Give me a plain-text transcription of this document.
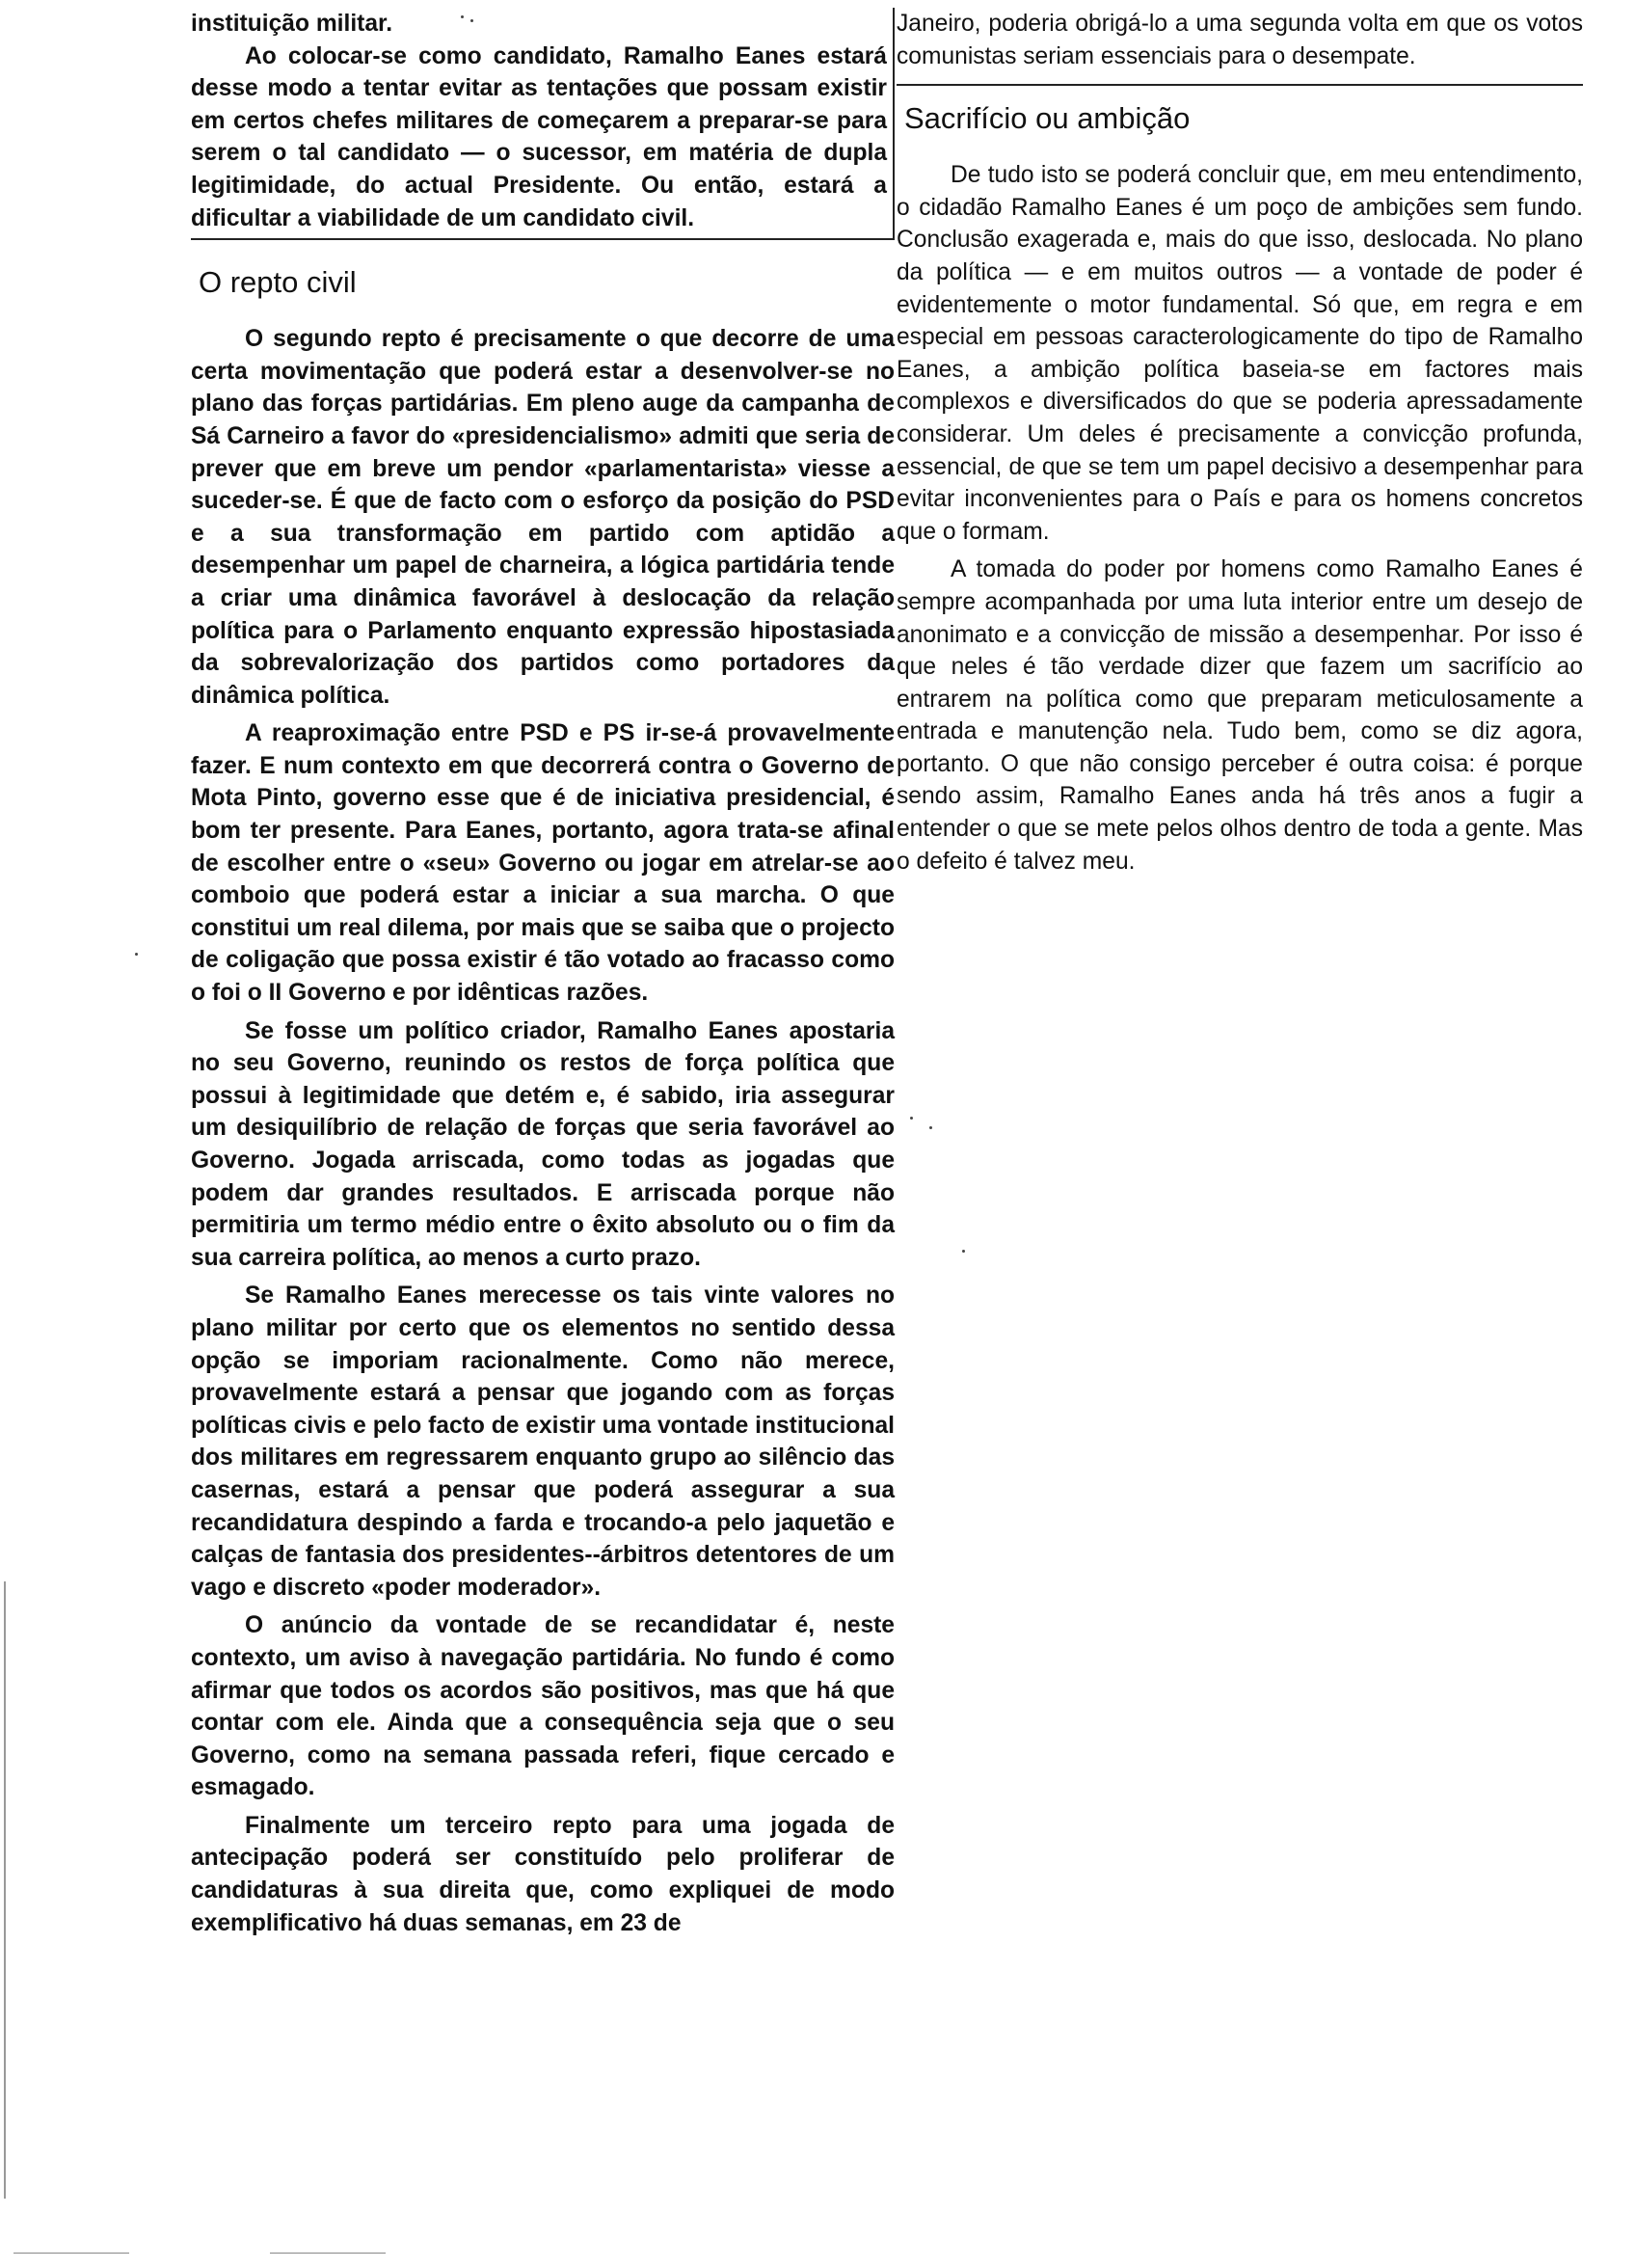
instituição militar.

Ao colocar-se como candidato, Ramalho Eanes estará desse modo a tentar evitar as tentações que possam existir em certos chefes militares de começarem a preparar-se para serem o tal candidato — o sucessor, em matéria de dupla legitimidade, do actual Presidente. Ou então, estará a dificultar a viabilidade de um candidato civil.

O repto civil

O segundo repto é precisamente o que decorre de uma certa movimentação que poderá estar a desenvolver-se no plano das forças partidárias. Em pleno auge da campanha de Sá Carneiro a favor do «presidencialismo» admiti que seria de prever que em breve um pendor «parlamentarista» viesse a suceder-se. É que de facto com o esforço da posição do PSD e a sua transformação em partido com aptidão a desempenhar um papel de charneira, a lógica partidária tende a criar uma dinâmica favorável à deslocação da relação política para o Parlamento enquanto expressão hipostasiada da sobrevalorização dos partidos como portadores da dinâmica política.

A reaproximação entre PSD e PS ir-se-á provavelmente fazer. E num contexto em que decorrerá contra o Governo de Mota Pinto, governo esse que é de iniciativa presidencial, é bom ter presente. Para Eanes, portanto, agora trata-se afinal de escolher entre o «seu» Governo ou jogar em atrelar-se ao comboio que poderá estar a iniciar a sua marcha. O que constitui um real dilema, por mais que se saiba que o projecto de coligação que possa existir é tão votado ao fracasso como o foi o II Governo e por idênticas razões.

Se fosse um político criador, Ramalho Eanes apostaria no seu Governo, reunindo os restos de força política que possui à legitimidade que detém e, é sabido, iria assegurar um desiquilíbrio de relação de forças que seria favorável ao Governo. Jogada arriscada, como todas as jogadas que podem dar grandes resultados. E arriscada porque não permitiria um termo médio entre o êxito absoluto ou o fim da sua carreira política, ao menos a curto prazo.

Se Ramalho Eanes merecesse os tais vinte valores no plano militar por certo que os elementos no sentido dessa opção se imporiam racionalmente. Como não merece, provavelmente estará a pensar que jogando com as forças políticas civis e pelo facto de existir uma vontade institucional dos militares em regressarem enquanto grupo ao silêncio das casernas, estará a pensar que poderá assegurar a sua recandidatura despindo a farda e trocando-a pelo jaquetão e calças de fantasia dos presidentes--árbitros detentores de um vago e discreto «poder moderador».

O anúncio da vontade de se recandidatar é, neste contexto, um aviso à navegação partidária. No fundo é como afirmar que todos os acordos são positivos, mas que há que contar com ele. Ainda que a consequência seja que o seu Governo, como na semana passada referi, fique cercado e esmagado.

Finalmente um terceiro repto para uma jogada de antecipação poderá ser constituído pelo proliferar de candidaturas à sua direita que, como expliquei de modo exemplificativo há duas semanas, em 23 de

Janeiro, poderia obrigá-lo a uma segunda volta em que os votos comunistas seriam essenciais para o desempate.

Sacrifício ou ambição

De tudo isto se poderá concluir que, em meu entendimento, o cidadão Ramalho Eanes é um poço de ambições sem fundo. Conclusão exagerada e, mais do que isso, deslocada. No plano da política — e em muitos outros — a vontade de poder é evidentemente o motor fundamental. Só que, em regra e em especial em pessoas caracterologicamente do tipo de Ramalho Eanes, a ambição política baseia-se em factores mais complexos e diversificados do que se poderia apressadamente considerar. Um deles é precisamente a convicção profunda, essencial, de que se tem um papel decisivo a desempenhar para evitar inconvenientes para o País e para os homens concretos que o formam.

A tomada do poder por homens como Ramalho Eanes é sempre acompanhada por uma luta interior entre um desejo de anonimato e a convicção de missão a desempenhar. Por isso é que neles é tão verdade dizer que fazem um sacrifício ao entrarem na política como que preparam meticulosamente a entrada e manutenção nela. Tudo bem, como se diz agora, portanto. O que não consigo perceber é outra coisa: é porque sendo assim, Ramalho Eanes anda há três anos a fugir a entender o que se mete pelos olhos dentro de toda a gente. Mas o defeito é talvez meu.
